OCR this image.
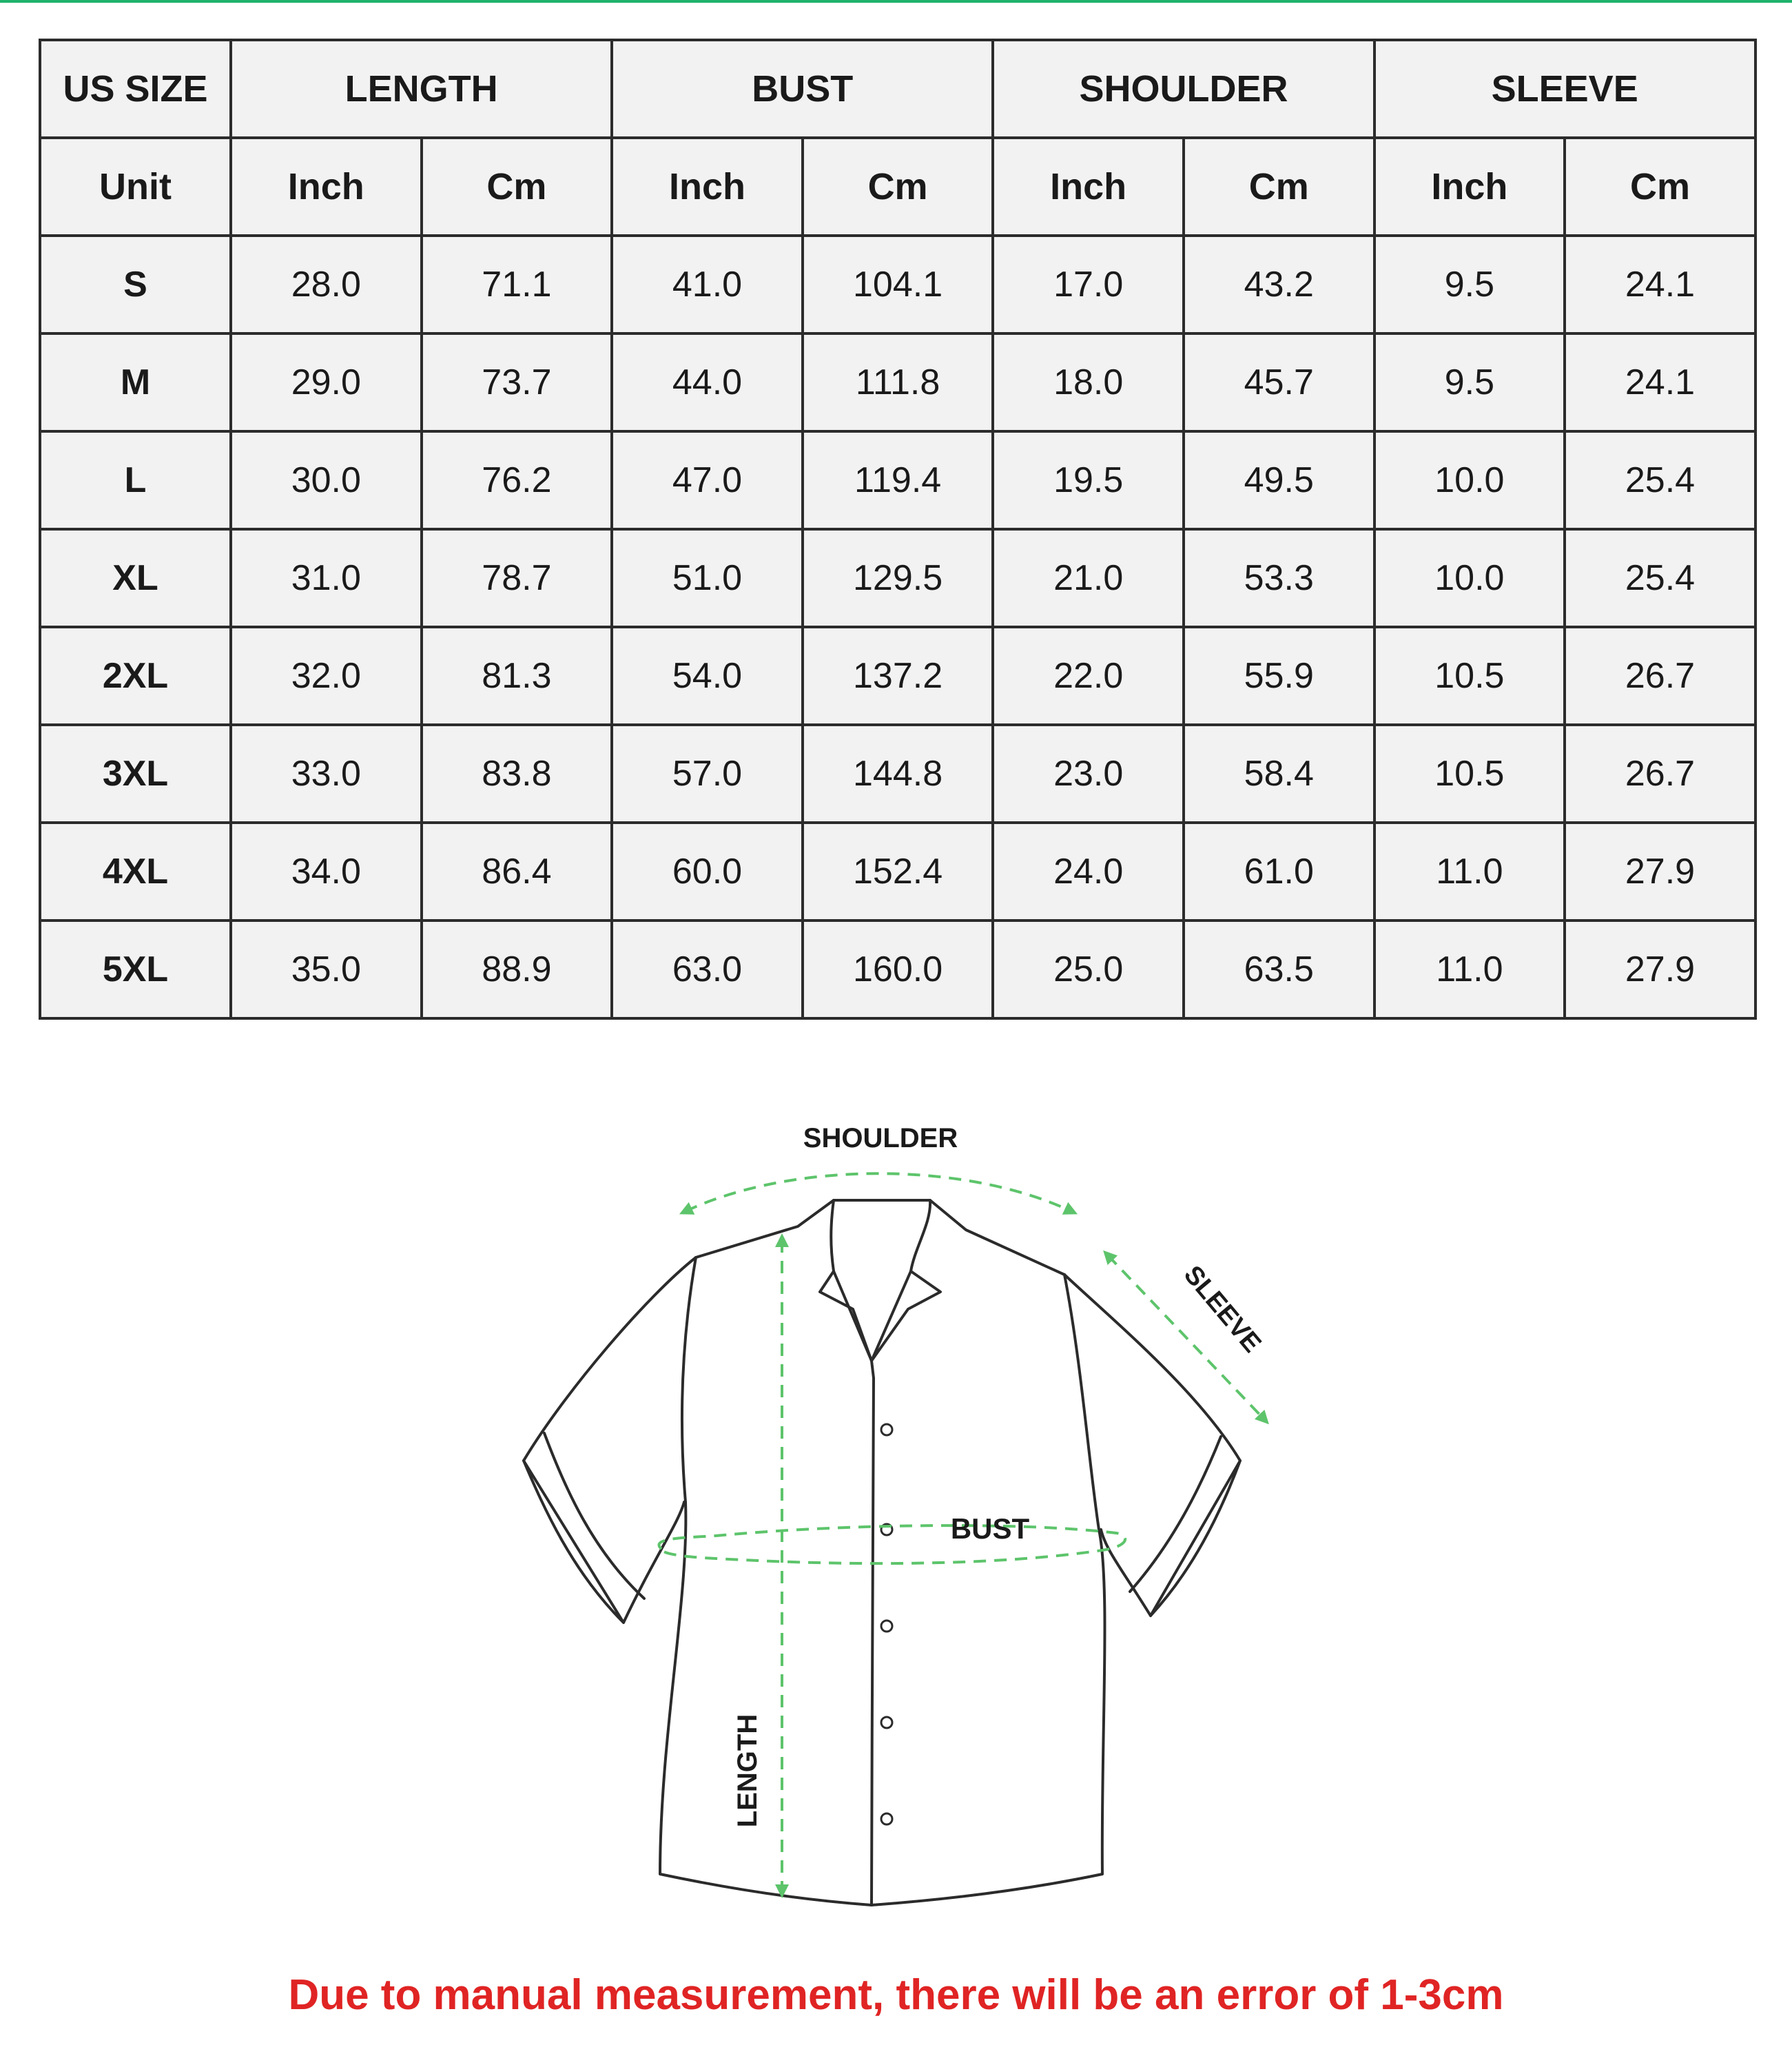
US SIZE	LENGTH		BUST		SHOULDER		SLEEVE	
Unit	Inch	Cm	Inch	Cm	Inch	Cm	Inch	Cm
S	28.0	71.1	41.0	104.1	17.0	43.2	9.5	24.1
M	29.0	73.7	44.0	111.8	18.0	45.7	9.5	24.1
L	30.0	76.2	47.0	119.4	19.5	49.5	10.0	25.4
XL	31.0	78.7	51.0	129.5	21.0	53.3	10.0	25.4
2XL	32.0	81.3	54.0	137.2	22.0	55.9	10.5	26.7
3XL	33.0	83.8	57.0	144.8	23.0	58.4	10.5	26.7
4XL	34.0	86.4	60.0	152.4	24.0	61.0	11.0	27.9
5XL	35.0	88.9	63.0	160.0	25.0	63.5	11.0	27.9
SHOULDER
SLEEVE
BUST
LENGTH
Due to manual measurement, there will be an error of 1-3cm
